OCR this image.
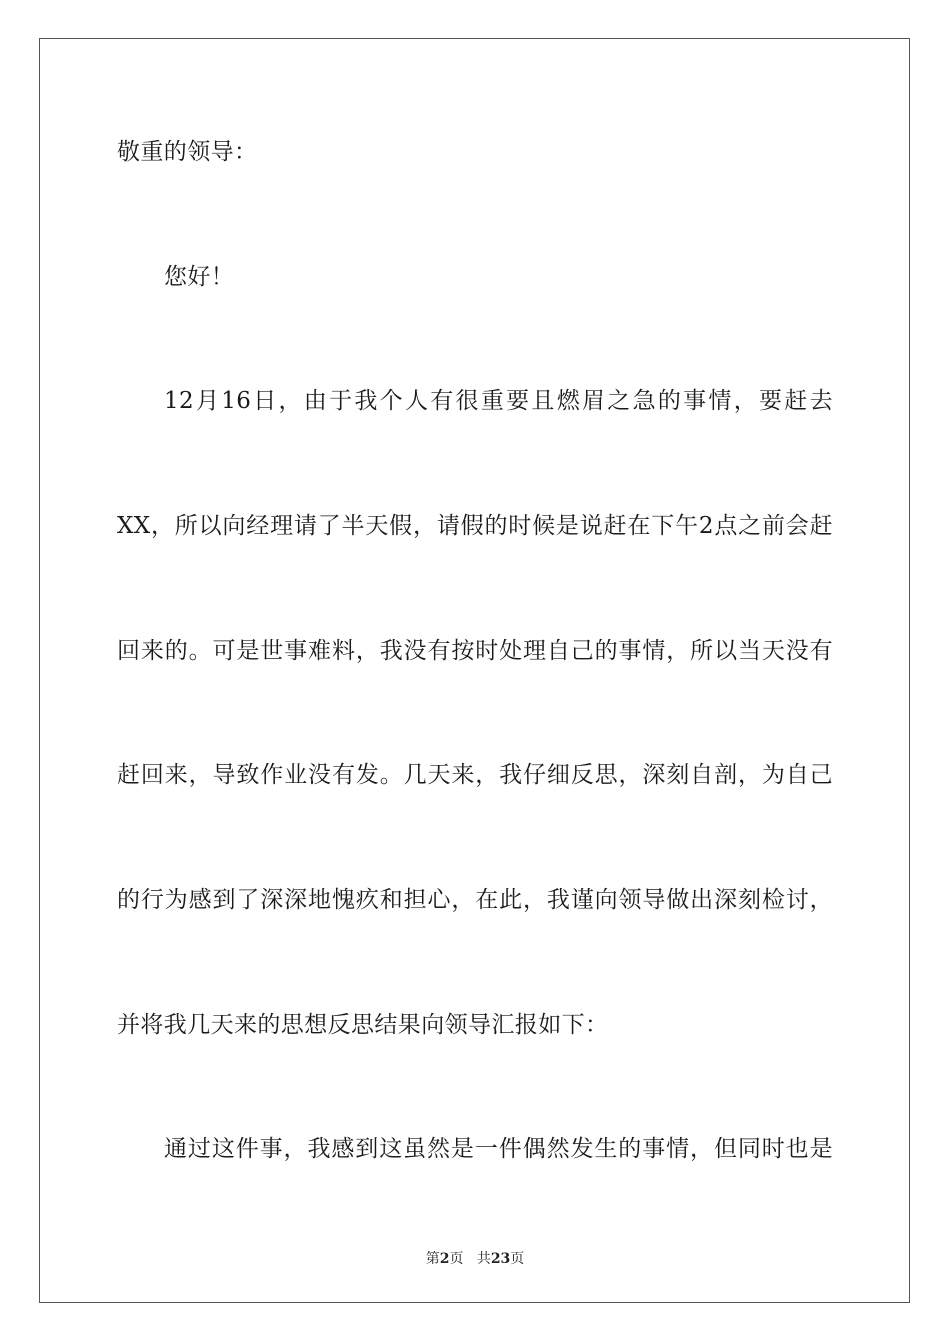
敬重的领导：
您好！
12月16日，由于我个人有很重要且燃眉之急的事情，要赶去
XX，所以向经理请了半天假，请假的时候是说赶在下午2点之前会赶
回来的。可是世事难料，我没有按时处理自己的事情，所以当天没有
赶回来，导致作业没有发。几天来，我仔细反思，深刻自剖，为自己
的行为感到了深深地愧疚和担心，在此，我谨向领导做出深刻检讨，
并将我几天来的思想反思结果向领导汇报如下：
通过这件事，我感到这虽然是一件偶然发生的事情，但同时也是
第2页 共23页
